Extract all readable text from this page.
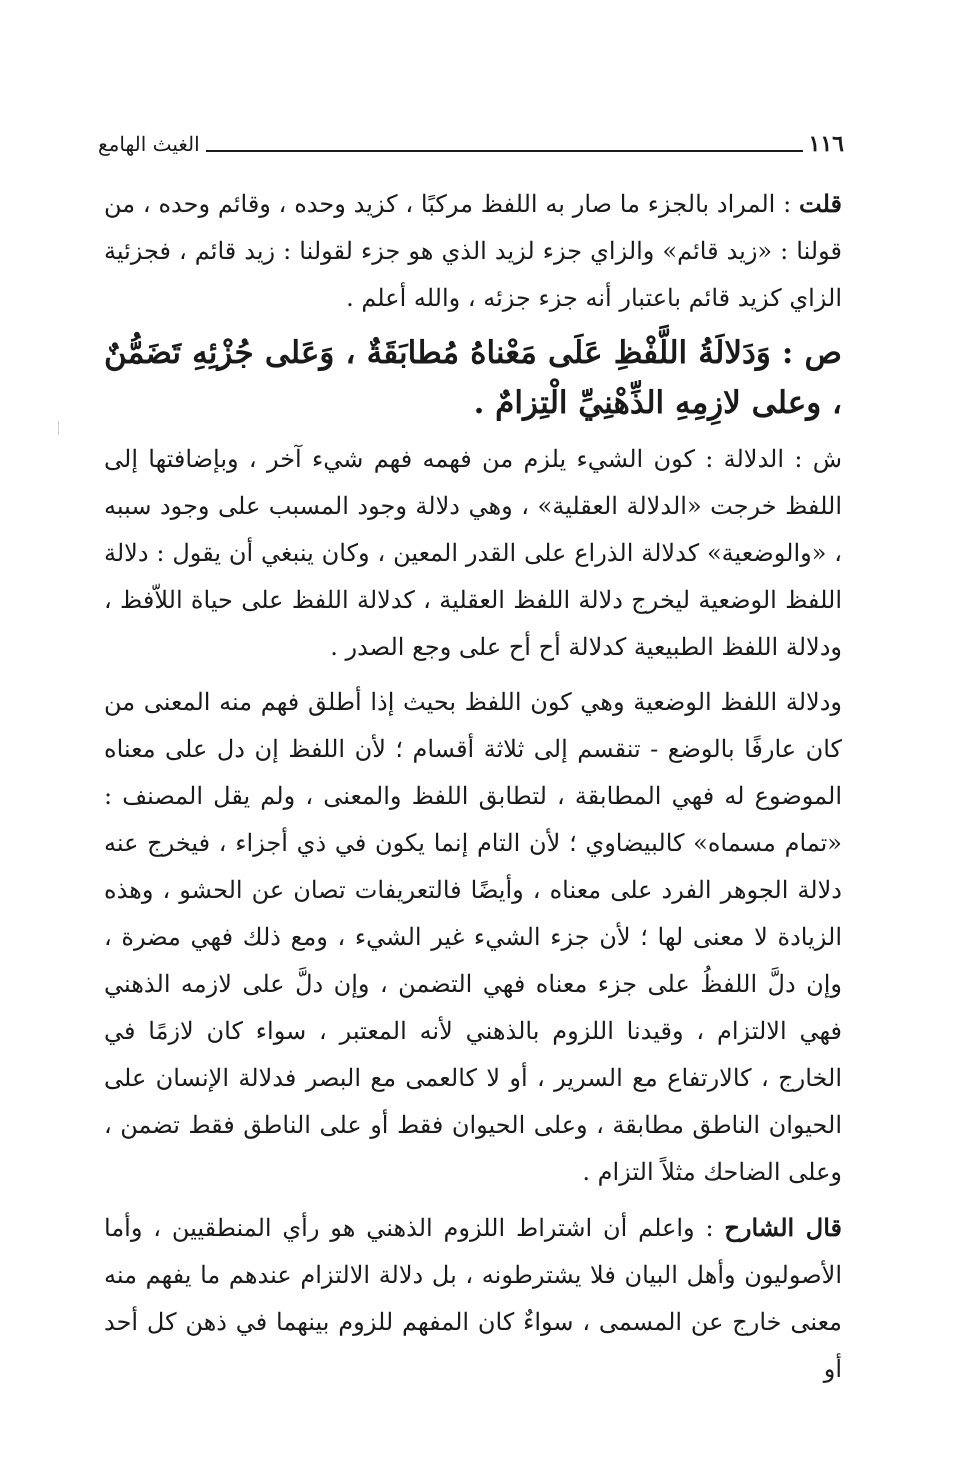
١١٦
الغيث الهامع

قلت : المراد بالجزء ما صار به اللفظ مركبًا ، كزيد وحده ، وقائم وحده ، من قولنا : «زيد قائم» والزاي جزء لزيد الذي هو جزء لقولنا : زيد قائم ، فجزئية الزاي كزيد قائم باعتبار أنه جزء جزئه ، والله أعلم .

ص : وَدَلالَةُ اللَّفْظِ عَلَى مَعْناهُ مُطابَقَةٌ ، وَعَلى جُزْئِهِ تَضَمُّنٌ ، وعلى لازِمِهِ الذِّهْنِيِّ الْتِزامٌ .

ش : الدلالة : كون الشيء يلزم من فهمه فهم شيء آخر ، وبإضافتها إلى اللفظ خرجت «الدلالة العقلية» ، وهي دلالة وجود المسبب على وجود سببه ، «والوضعية» كدلالة الذراع على القدر المعين ، وكان ينبغي أن يقول : دلالة اللفظ الوضعية ليخرج دلالة اللفظ العقلية ، كدلالة اللفظ على حياة اللاّفظ ، ودلالة اللفظ الطبيعية كدلالة أح أح على وجع الصدر .

ودلالة اللفظ الوضعية وهي كون اللفظ بحيث إذا أطلق فهم منه المعنى من كان عارفًا بالوضع - تنقسم إلى ثلاثة أقسام ؛ لأن اللفظ إن دل على معناه الموضوع له فهي المطابقة ، لتطابق اللفظ والمعنى ، ولم يقل المصنف : «تمام مسماه» كالبيضاوي ؛ لأن التام إنما يكون في ذي أجزاء ، فيخرج عنه دلالة الجوهر الفرد على معناه ، وأيضًا فالتعريفات تصان عن الحشو ، وهذه الزيادة لا معنى لها ؛ لأن جزء الشيء غير الشيء ، ومع ذلك فهي مضرة ، وإن دلَّ اللفظُ على جزء معناه فهي التضمن ، وإن دلَّ على لازمه الذهني فهي الالتزام ، وقيدنا اللزوم بالذهني لأنه المعتبر ، سواء كان لازمًا في الخارج ، كالارتفاع مع السرير ، أو لا كالعمى مع البصر فدلالة الإنسان على الحيوان الناطق مطابقة ، وعلى الحيوان فقط أو على الناطق فقط تضمن ، وعلى الضاحك مثلاً التزام .

قال الشارح : واعلم أن اشتراط اللزوم الذهني هو رأي المنطقيين ، وأما الأصوليون وأهل البيان فلا يشترطونه ، بل دلالة الالتزام عندهم ما يفهم منه معنى خارج عن المسمى ، سواءٌ كان المفهم للزوم بينهما في ذهن كل أحد أو
